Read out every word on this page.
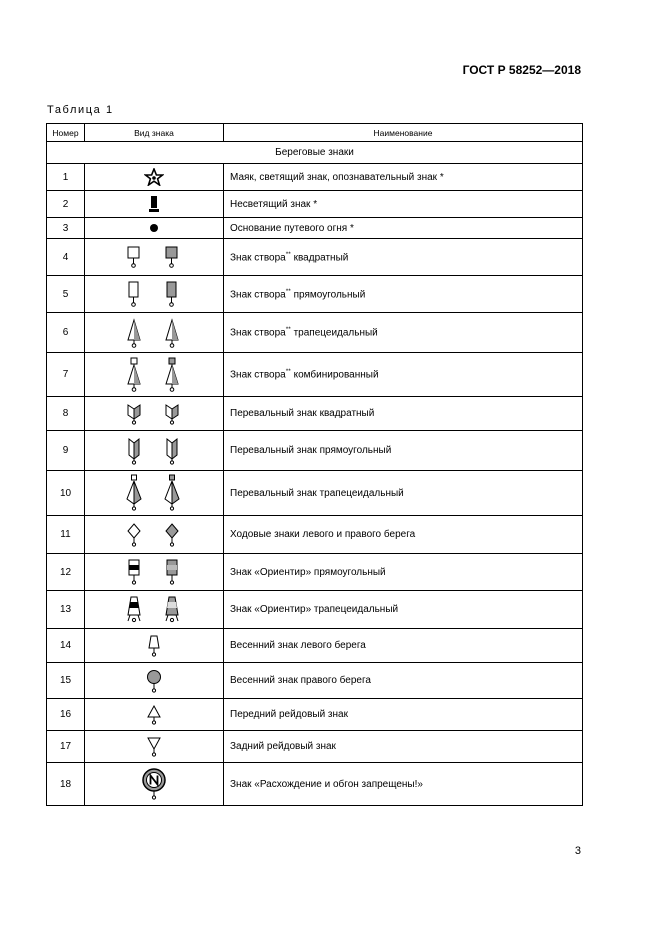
ГОСТ Р 58252—2018
Таблица 1
Номер	Вид знака	Наименование
Береговые знаки		
1		Маяк, светящий знак, опознавательный знак *
2		Несветящий знак *
3		Основание путевого огня *
4		Знак створа** квадратный
5		Знак створа** прямоугольный
6		Знак створа** трапецеидальный
7		Знак створа** комбинированный
8		Перевальный знак квадратный
9		Перевальный знак прямоугольный
10		Перевальный знак трапецеидальный
11		Ходовые знаки левого и правого берега
12		Знак «Ориентир» прямоугольный
13		Знак «Ориентир» трапецеидальный
14		Весенний знак левого берега
15		Весенний знак правого берега
16		Передний рейдовый знак
17		Задний рейдовый знак
18		Знак «Расхождение и обгон запрещены!»
3
